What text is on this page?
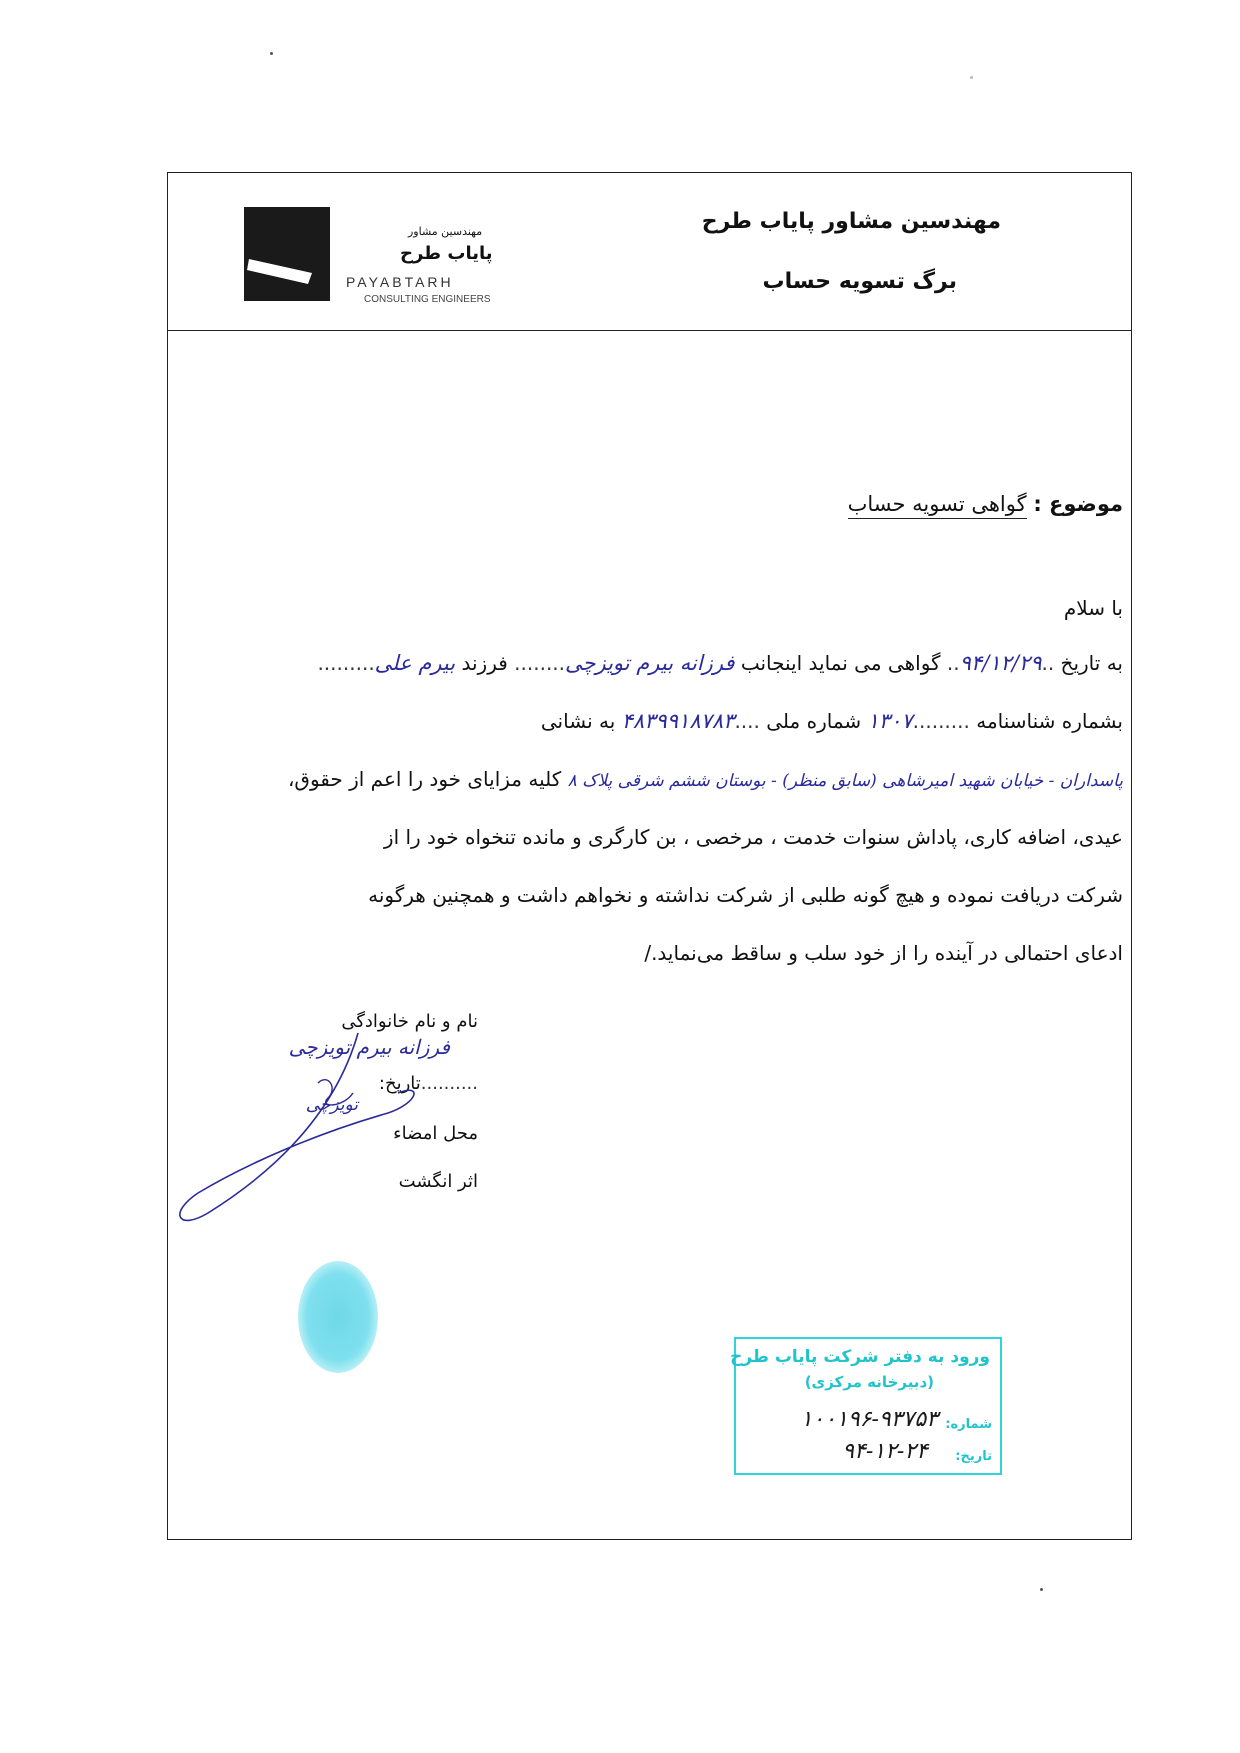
مهندسین مشاور
پایاب طرح
PAYABTARH
CONSULTING ENGINEERS
مهندسین مشاور پایاب طرح
برگ تسویه حساب
موضوع : گواهی تسویه حساب
با سلام
به تاریخ ..۹۴/۱۲/۲۹.. گواهی می نماید اینجانب فرزانه بیرم تویزچی........ فرزند بیرم علی.........
بشماره شناسنامه .........۱۳۰۷ شماره ملی ....۴۸۳۹۹۱۸۷۸۳ به نشانی
پاسداران - خیابان شهید امیرشاهی (سابق منظر) - بوستان ششم شرقی پلاک ۸ کلیه مزایای خود را اعم از حقوق،
عیدی، اضافه کاری، پاداش سنوات خدمت ، مرخصی ، بن کارگری و مانده تنخواه خود را از
شرکت دریافت نموده و هیچ گونه طلبی از شرکت نداشته و نخواهم داشت و همچنین هرگونه
ادعای احتمالی در آینده را از خود سلب و ساقط می‌نماید./
نام و نام خانوادگی
فرزانه بیرم تویزچی
..........تاریخ:
تویزچی
محل امضاء
اثر انگشت
ورود به دفتر شرکت پایاب طرح
(دبیرخانه مرکزی)
شماره:
۱۰۰۱۹۶-۹۳۷۵۳
تاریخ:
۹۴-۱۲-۲۴
